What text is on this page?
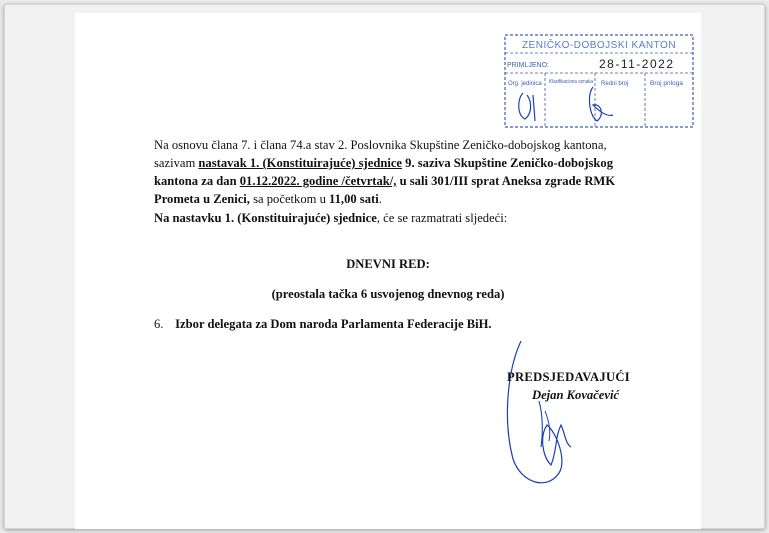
ZENIČKO-DOBOJSKI KANTON
PRIMLJENO:	28-11-2022
Org. jedinica Klasifikaciona oznaka Redni broj	Broj priloga
Na osnovu člana 7. i člana 74.a stav 2. Poslovnika Skupštine Zeničko-dobojskog kantona,
sazivam nastavak 1. (Konstituirajuće) sjednice 9. saziva Skupštine Zeničko-dobojskog
kantona za dan 01.12.2022. godine /četvrtak/, u sali 301/III sprat Aneksa zgrade RMK
Prometa u Zenici, sa početkom u 11,00 sati.
Na nastavku 1. (Konstituirajuće) sjednice, će se razmatrati sljedeći:
DNEVNI RED:
(preostala tačka 6 usvojenog dnevnog reda)
6. Izbor delegata za Dom naroda Parlamenta Federacije BiH.
PREDSJEDAVAJUĆI
Dejan Kovačević
